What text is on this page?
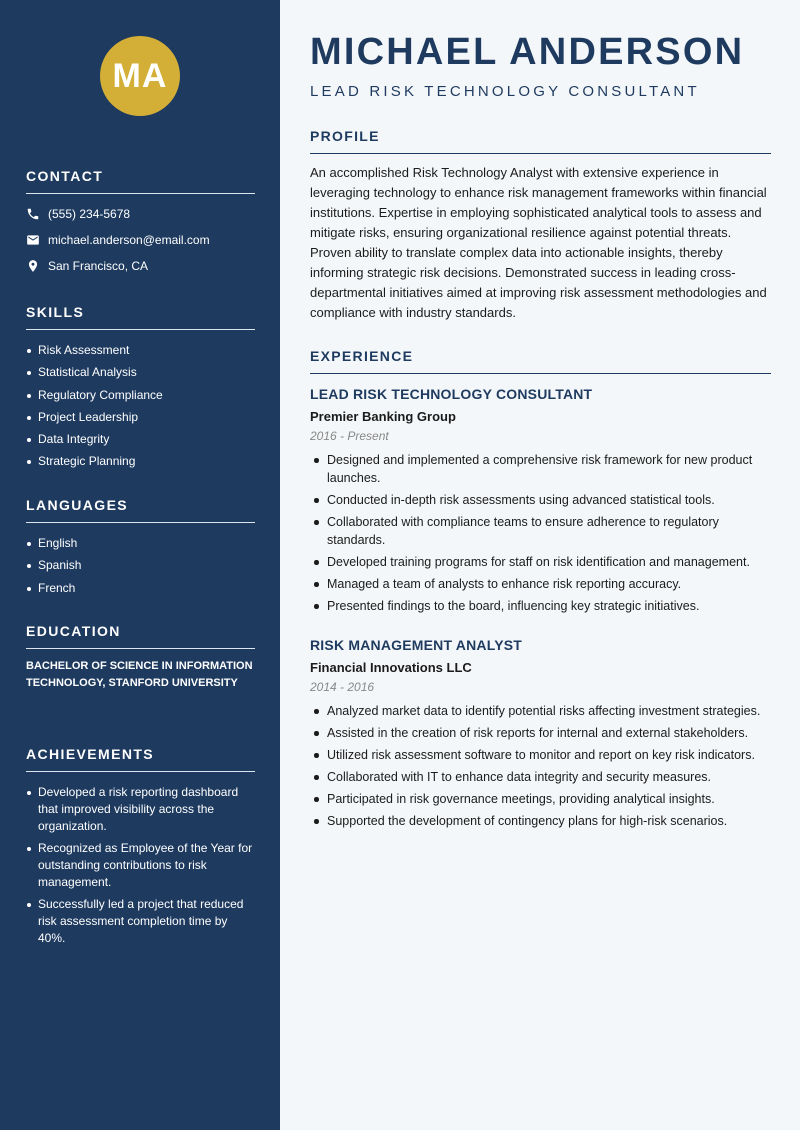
MA
CONTACT
(555) 234-5678
michael.anderson@email.com
San Francisco, CA
SKILLS
Risk Assessment
Statistical Analysis
Regulatory Compliance
Project Leadership
Data Integrity
Strategic Planning
LANGUAGES
English
Spanish
French
EDUCATION

BACHELOR OF SCIENCE IN INFORMATION TECHNOLOGY, STANFORD UNIVERSITY

ACHIEVEMENTS
Developed a risk reporting dashboard that improved visibility across the organization.
Recognized as Employee of the Year for outstanding contributions to risk management.
Successfully led a project that reduced risk assessment completion time by 40%.
MICHAEL ANDERSON
LEAD RISK TECHNOLOGY CONSULTANT
PROFILE

An accomplished Risk Technology Analyst with extensive experience in leveraging technology to enhance risk management frameworks within financial institutions. Expertise in employing sophisticated analytical tools to assess and mitigate risks, ensuring organizational resilience against potential threats. Proven ability to translate complex data into actionable insights, thereby informing strategic risk decisions. Demonstrated success in leading cross-departmental initiatives aimed at improving risk assessment methodologies and compliance with industry standards.

EXPERIENCE
LEAD RISK TECHNOLOGY CONSULTANT
Premier Banking Group
2016 - Present
Designed and implemented a comprehensive risk framework for new product launches.
Conducted in-depth risk assessments using advanced statistical tools.
Collaborated with compliance teams to ensure adherence to regulatory standards.
Developed training programs for staff on risk identification and management.
Managed a team of analysts to enhance risk reporting accuracy.
Presented findings to the board, influencing key strategic initiatives.
RISK MANAGEMENT ANALYST
Financial Innovations LLC
2014 - 2016
Analyzed market data to identify potential risks affecting investment strategies.
Assisted in the creation of risk reports for internal and external stakeholders.
Utilized risk assessment software to monitor and report on key risk indicators.
Collaborated with IT to enhance data integrity and security measures.
Participated in risk governance meetings, providing analytical insights.
Supported the development of contingency plans for high-risk scenarios.
